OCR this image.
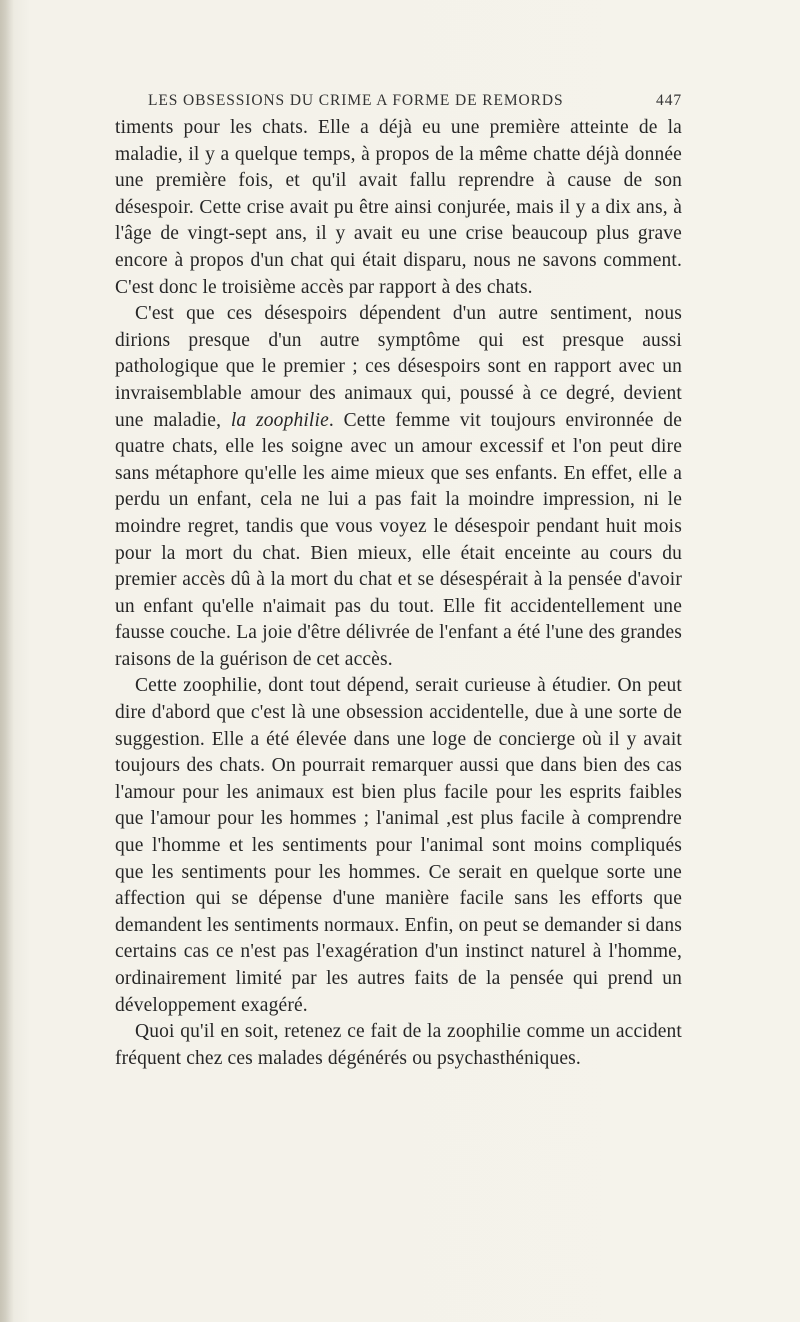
LES OBSESSIONS DU CRIME A FORME DE REMORDS	447

timents pour les chats. Elle a déjà eu une première atteinte de la maladie, il y a quelque temps, à propos de la même chatte déjà donnée une première fois, et qu'il avait fallu reprendre à cause de son désespoir. Cette crise avait pu être ainsi conjurée, mais il y a dix ans, à l'âge de vingt-sept ans, il y avait eu une crise beaucoup plus grave encore à propos d'un chat qui était disparu, nous ne savons comment. C'est donc le troisième accès par rapport à des chats.

C'est que ces désespoirs dépendent d'un autre sentiment, nous dirions presque d'un autre symptôme qui est presque aussi pathologique que le premier ; ces désespoirs sont en rapport avec un invraisemblable amour des animaux qui, poussé à ce degré, devient une maladie, la zoophilie. Cette femme vit toujours environnée de quatre chats, elle les soigne avec un amour excessif et l'on peut dire sans métaphore qu'elle les aime mieux que ses enfants. En effet, elle a perdu un enfant, cela ne lui a pas fait la moindre impression, ni le moindre regret, tandis que vous voyez le désespoir pendant huit mois pour la mort du chat. Bien mieux, elle était enceinte au cours du premier accès dû à la mort du chat et se désespérait à la pensée d'avoir un enfant qu'elle n'aimait pas du tout. Elle fit accidentellement une fausse couche. La joie d'être délivrée de l'enfant a été l'une des grandes raisons de la guérison de cet accès.

Cette zoophilie, dont tout dépend, serait curieuse à étudier. On peut dire d'abord que c'est là une obsession accidentelle, due à une sorte de suggestion. Elle a été élevée dans une loge de concierge où il y avait toujours des chats. On pourrait remarquer aussi que dans bien des cas l'amour pour les animaux est bien plus facile pour les esprits faibles que l'amour pour les hommes ; l'animal ,est plus facile à comprendre que l'homme et les sentiments pour l'animal sont moins compliqués que les sentiments pour les hommes. Ce serait en quelque sorte une affection qui se dépense d'une manière facile sans les efforts que demandent les sentiments normaux. Enfin, on peut se demander si dans certains cas ce n'est pas l'exagération d'un instinct naturel à l'homme, ordinairement limité par les autres faits de la pensée qui prend un développement exagéré.

Quoi qu'il en soit, retenez ce fait de la zoophilie comme un accident fréquent chez ces malades dégénérés ou psychasthéniques.
